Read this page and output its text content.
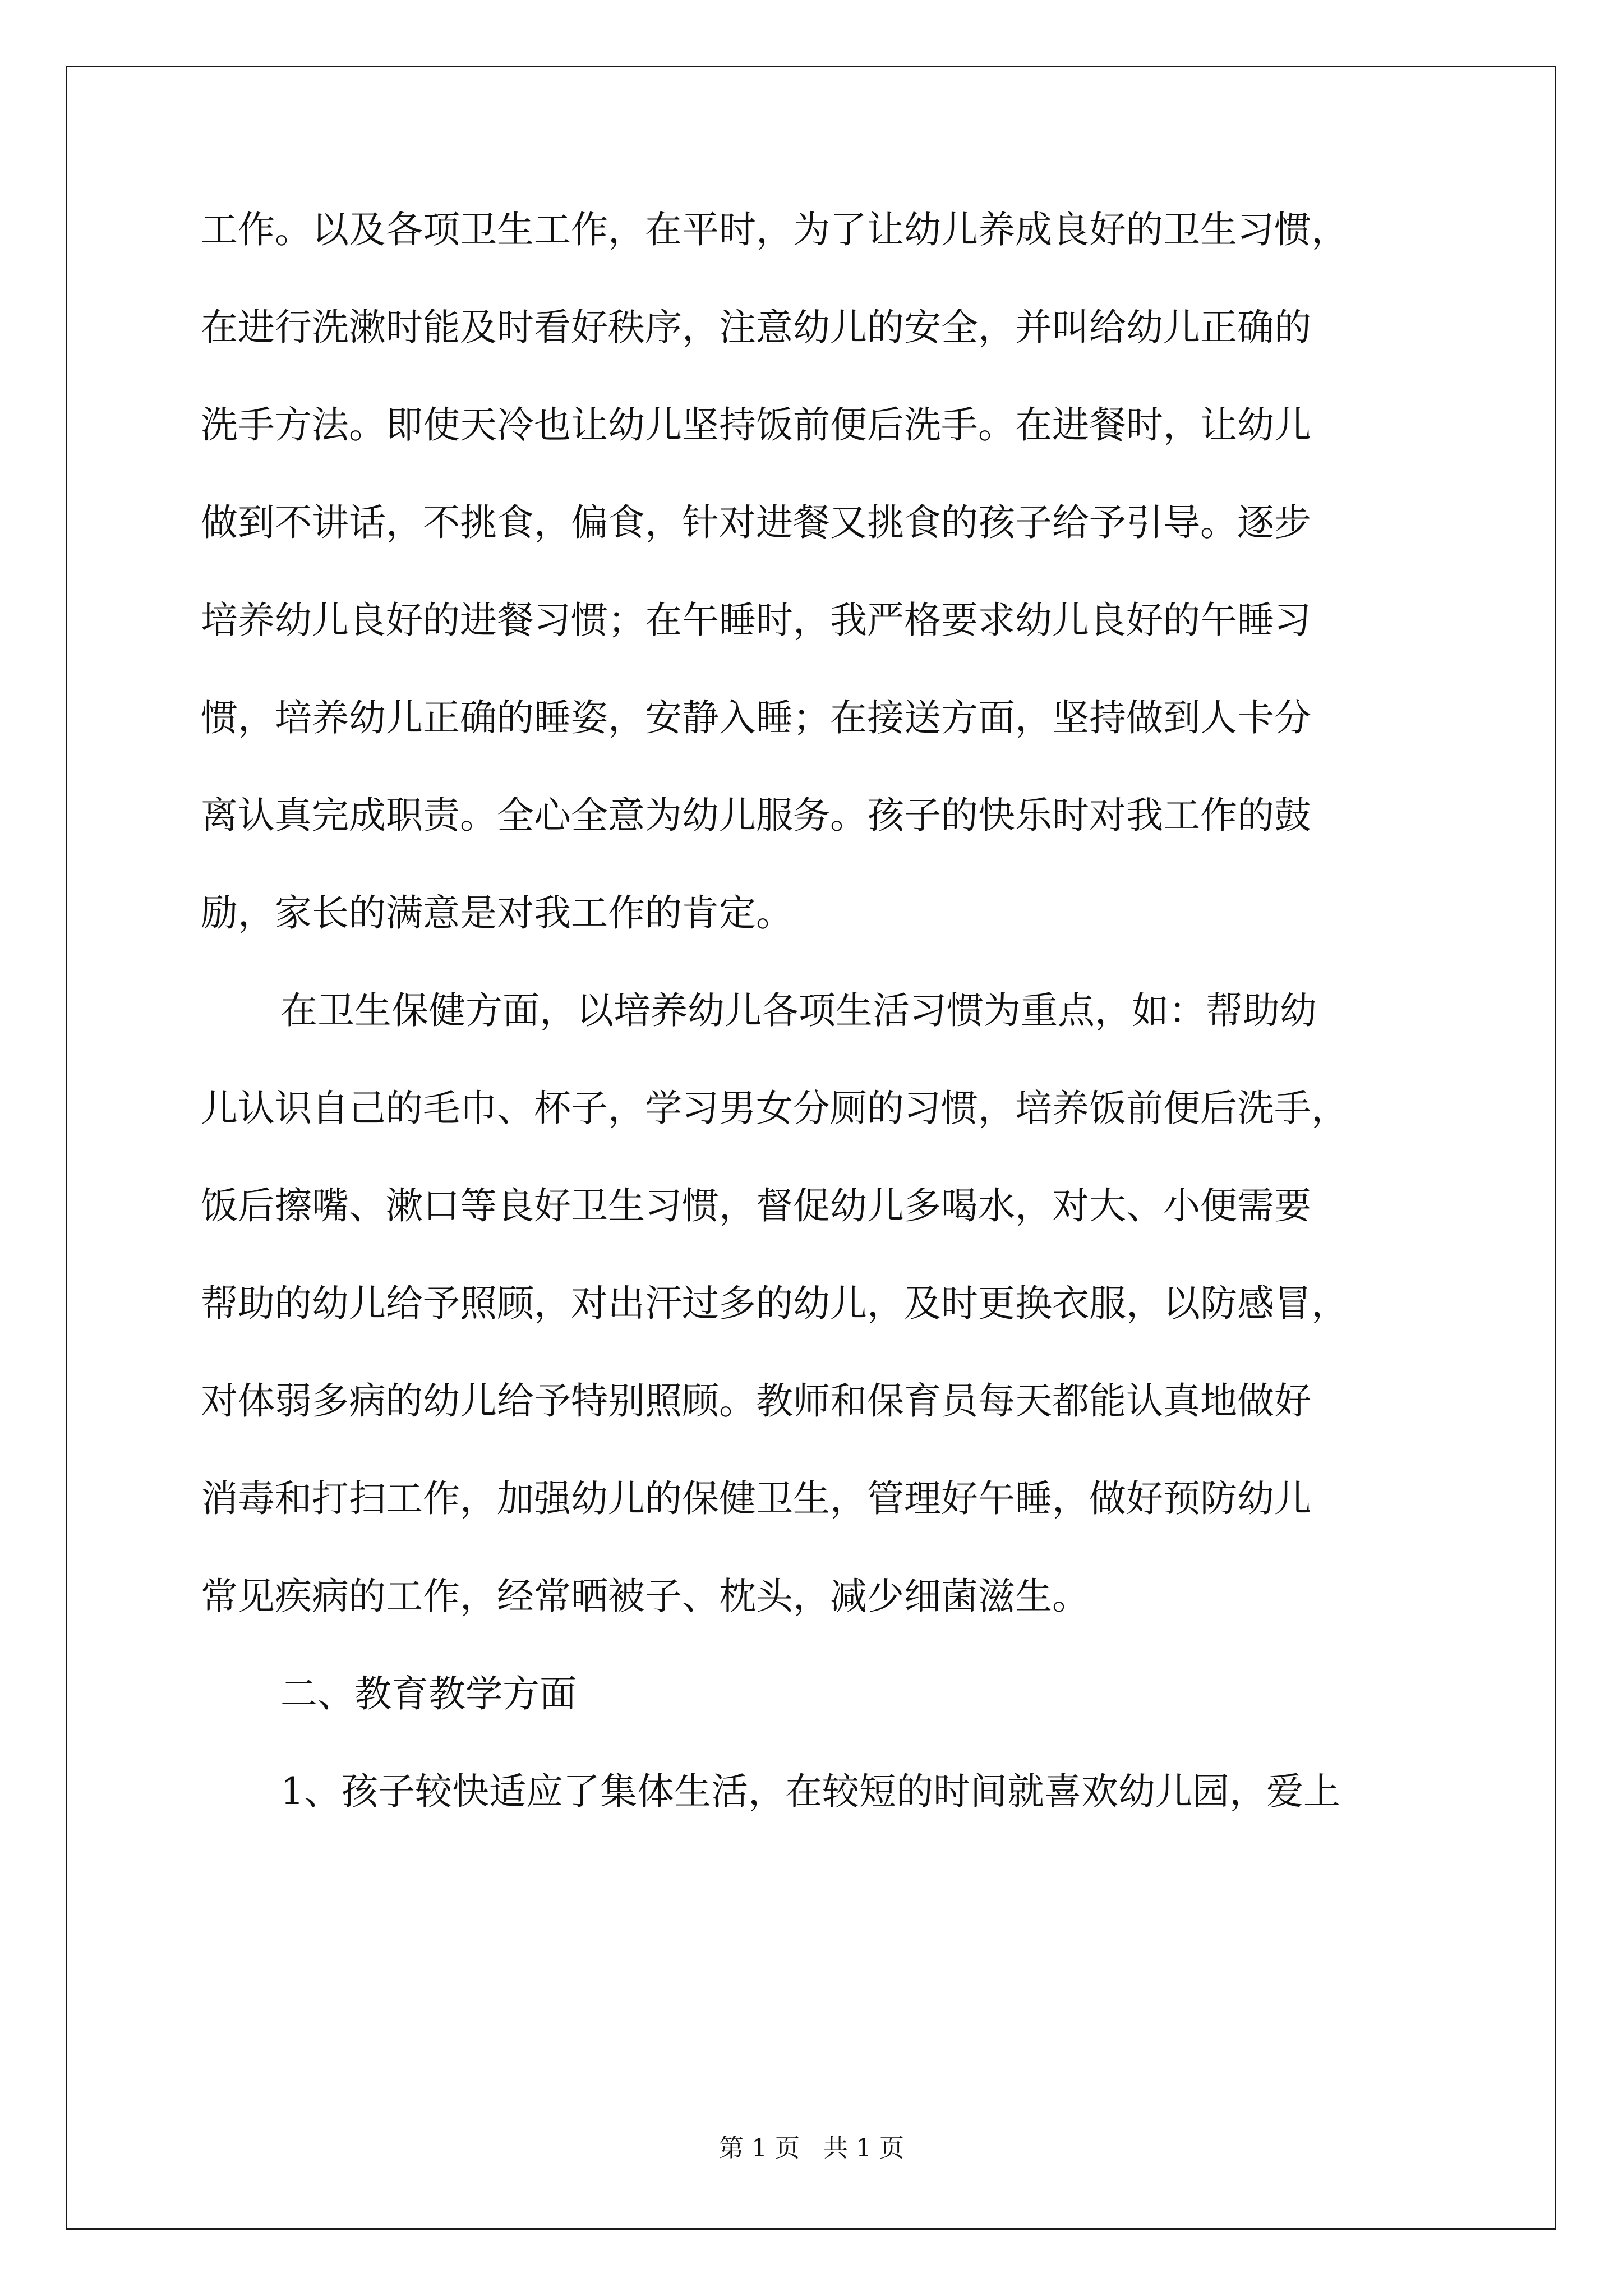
工作。以及各项卫生工作，在平时，为了让幼儿养成良好的卫生习惯，
在进行洗漱时能及时看好秩序，注意幼儿的安全，并叫给幼儿正确的
洗手方法。即使天冷也让幼儿坚持饭前便后洗手。在进餐时，让幼儿
做到不讲话，不挑食，偏食，针对进餐又挑食的孩子给予引导。逐步
培养幼儿良好的进餐习惯；在午睡时，我严格要求幼儿良好的午睡习
惯，培养幼儿正确的睡姿，安静入睡；在接送方面，坚持做到人卡分
离认真完成职责。全心全意为幼儿服务。孩子的快乐时对我工作的鼓
励，家长的满意是对我工作的肯定。
在卫生保健方面，以培养幼儿各项生活习惯为重点，如：帮助幼
儿认识自己的毛巾、杯子，学习男女分厕的习惯，培养饭前便后洗手，
饭后擦嘴、漱口等良好卫生习惯，督促幼儿多喝水，对大、小便需要
帮助的幼儿给予照顾，对出汗过多的幼儿，及时更换衣服，以防感冒，
对体弱多病的幼儿给予特别照顾。教师和保育员每天都能认真地做好
消毒和打扫工作，加强幼儿的保健卫生，管理好午睡，做好预防幼儿
常见疾病的工作，经常晒被子、枕头，减少细菌滋生。
二、教育教学方面
1、孩子较快适应了集体生活，在较短的时间就喜欢幼儿园，爱上
第 1 页   共 1 页
